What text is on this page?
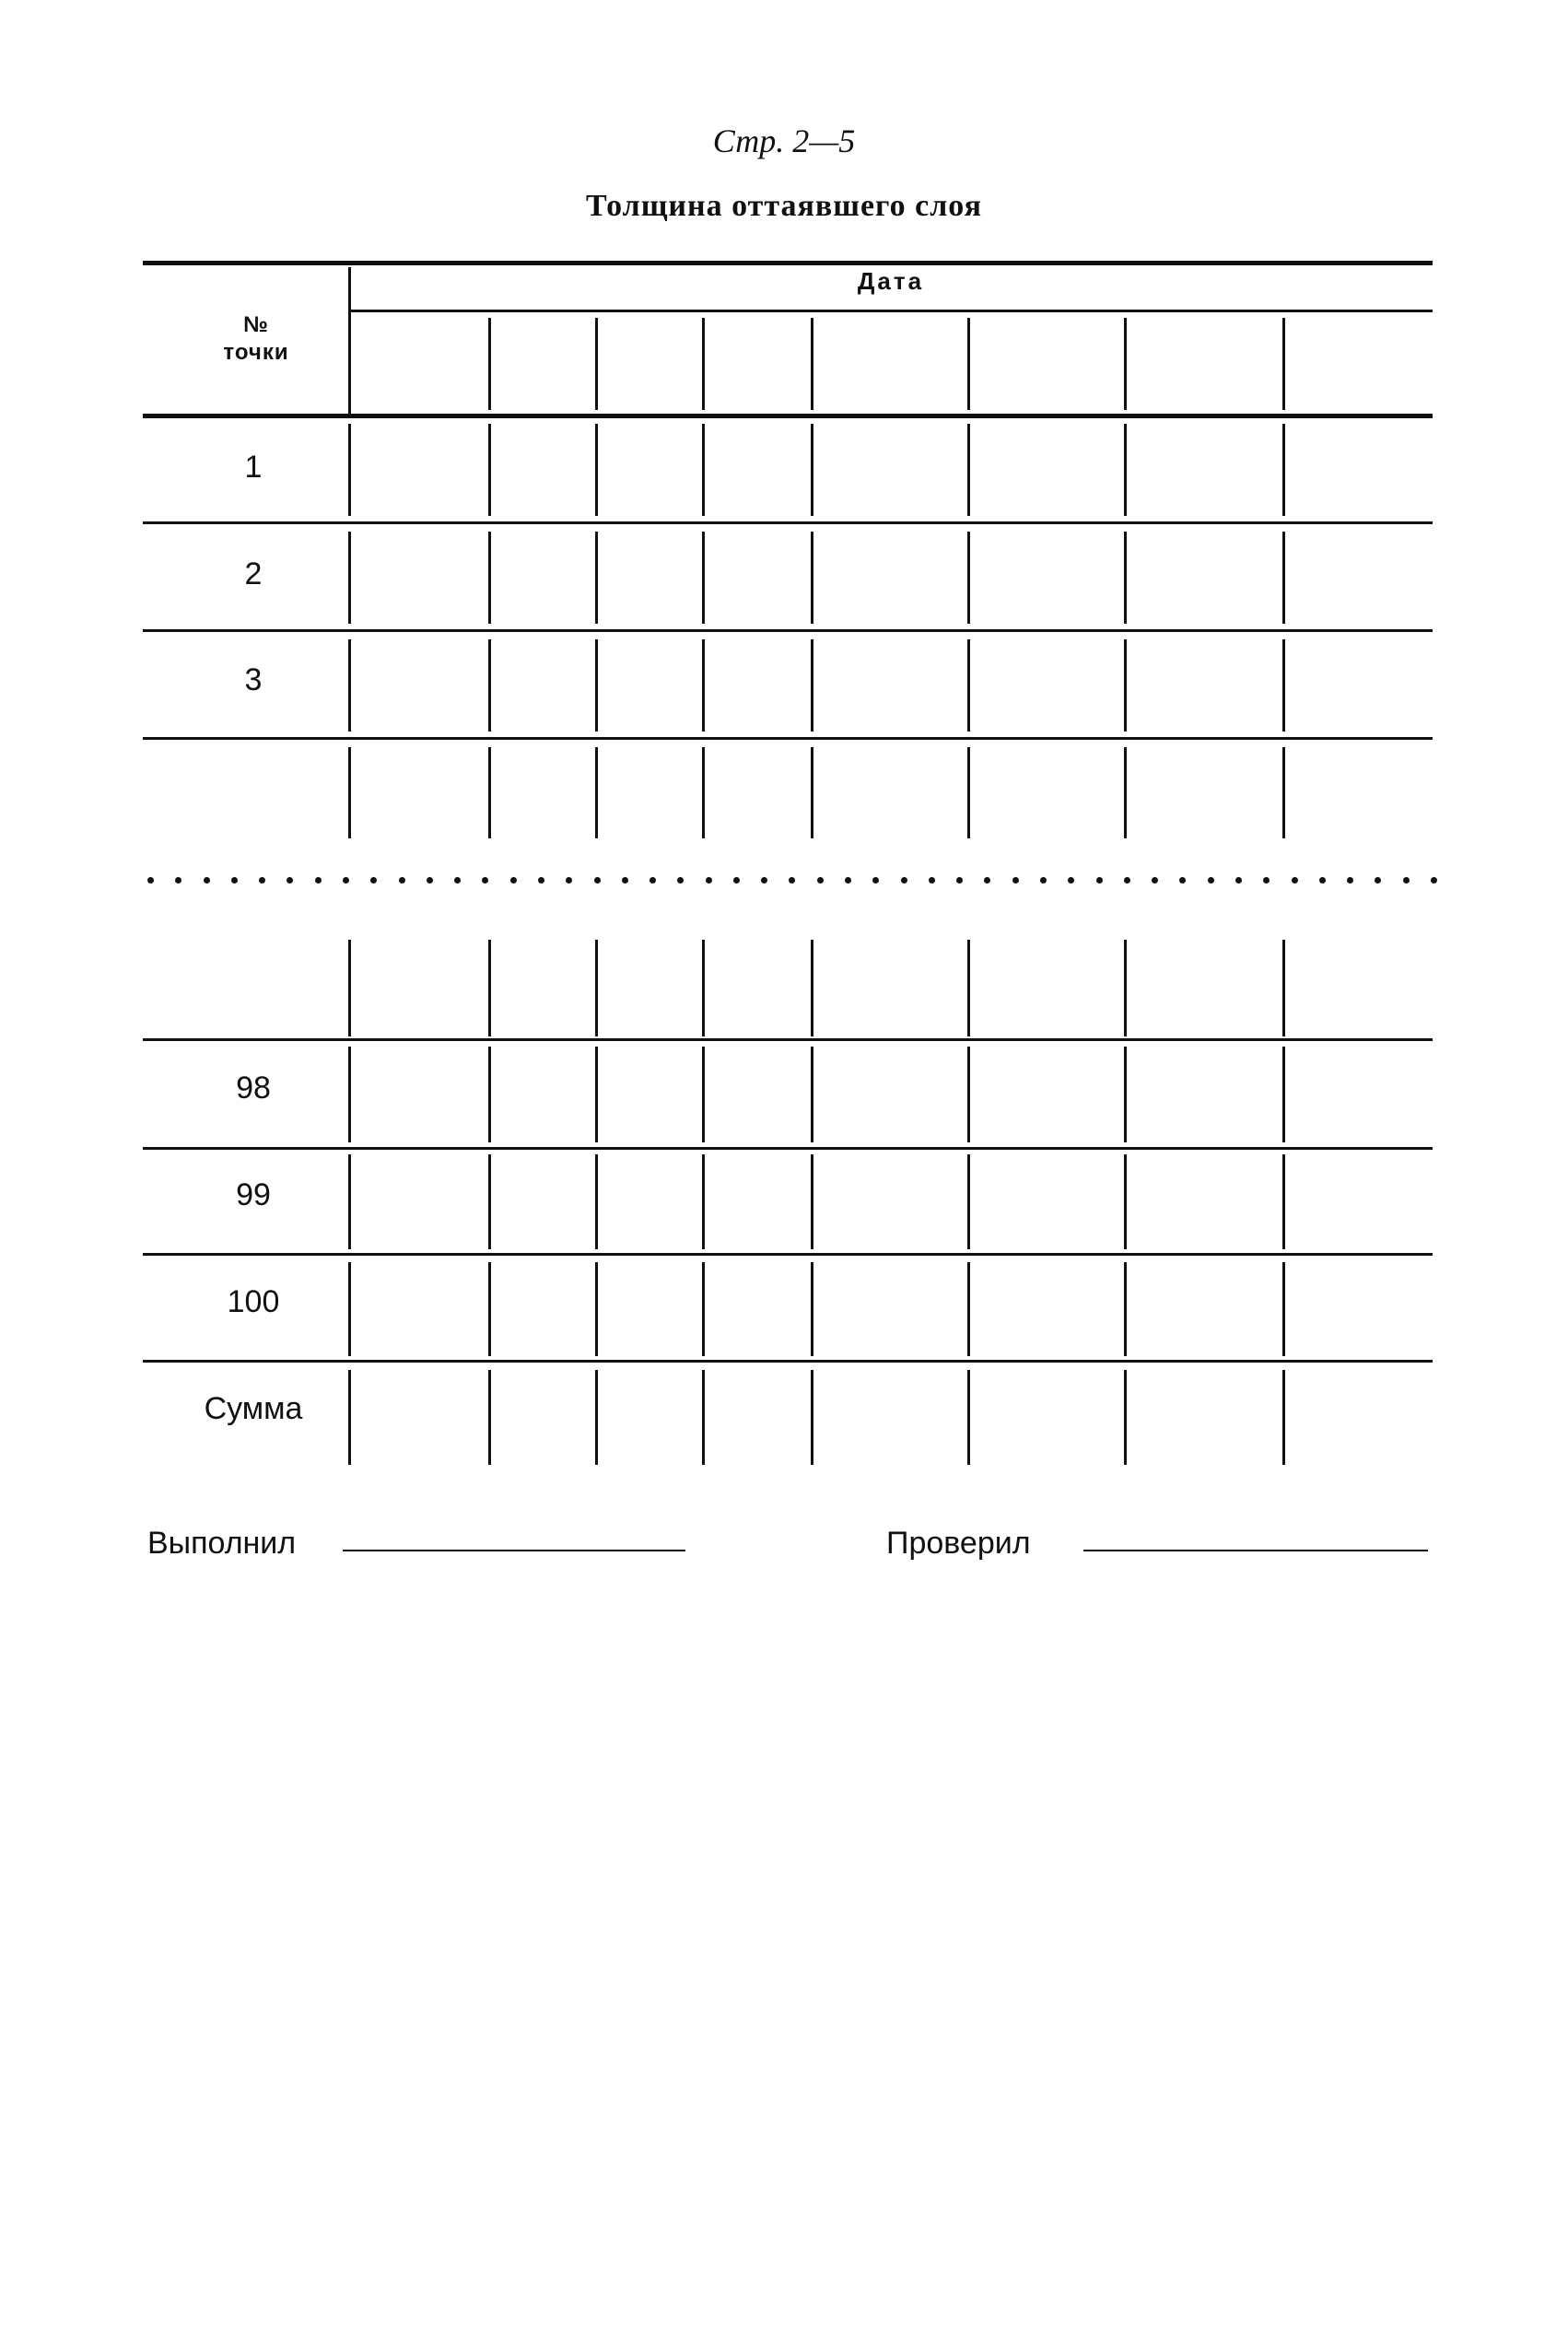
Стр. 2—5
Толщина оттаявшего слоя
Дата
№
точки
1
2
3
98
99
100
Сумма
Выполнил	Проверил
